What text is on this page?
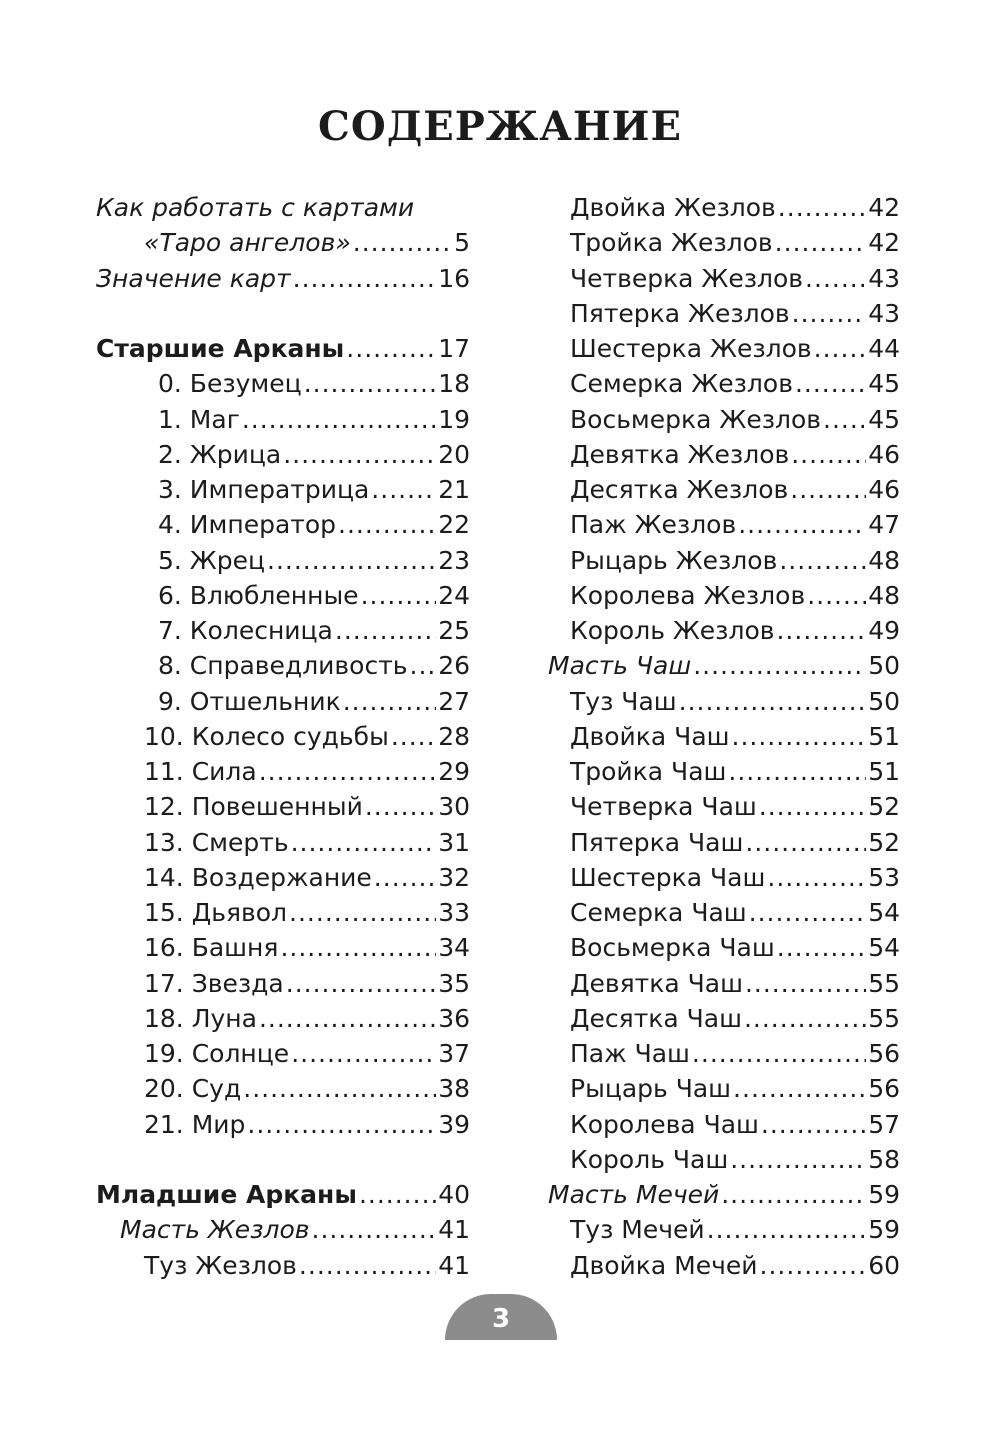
СОДЕРЖАНИЕ
Как работать с картами
«Таро ангелов» .....	5
Значение карт .....	16
Старшие Арканы .....	17
0. Безумец .....	18
1. Маг .....	19
2. Жрица .....	20
3. Императрица .....	21
4. Император .....	22
5. Жрец .....	23
6. Влюбленные .....	24
7. Колесница .....	25
8. Справедливость ..... 26
9. Отшельник .....	27
10. Колесо судьбы ..... 28
11. Сила .....	29
12. Повешенный .....	30
13. Смерть .....	31
14. Воздержание .....	32
15. Дьявол .....	33
16. Башня .....	34
17. Звезда .....	35
18. Луна .....	36
19. Солнце .....	37
20. Суд .....	38
21. Мир .....	39
Младшие Арканы .....	40
Масть Жезлов .....	41
Туз Жезлов .....	41
Двойка Жезлов .....	42
Тройка Жезлов .....	42
Четверка Жезлов .....	43
Пятерка Жезлов .....	43
Шестерка Жезлов ..... 44
Семерка Жезлов .....	45
Восьмерка Жезлов ..... 45
Девятка Жезлов .....	46
Десятка Жезлов .....	46
Паж Жезлов .....	47
Рыцарь Жезлов .....	48
Королева Жезлов .....	48
Король Жезлов .....	49
Масть Чаш .....	50
Туз Чаш .....	50
Двойка Чаш .....	51
Тройка Чаш .....	51
Четверка Чаш .....	52
Пятерка Чаш .....	52
Шестерка Чаш .....	53
Семерка Чаш .....	54
Восьмерка Чаш .....	54
Девятка Чаш .....	55
Десятка Чаш .....	55
Паж Чаш .....	56
Рыцарь Чаш .....	56
Королева Чаш .....	57
Король Чаш .....	58
Масть Мечей .....	59
Туз Мечей .....	59
Двойка Мечей .....	60
3
